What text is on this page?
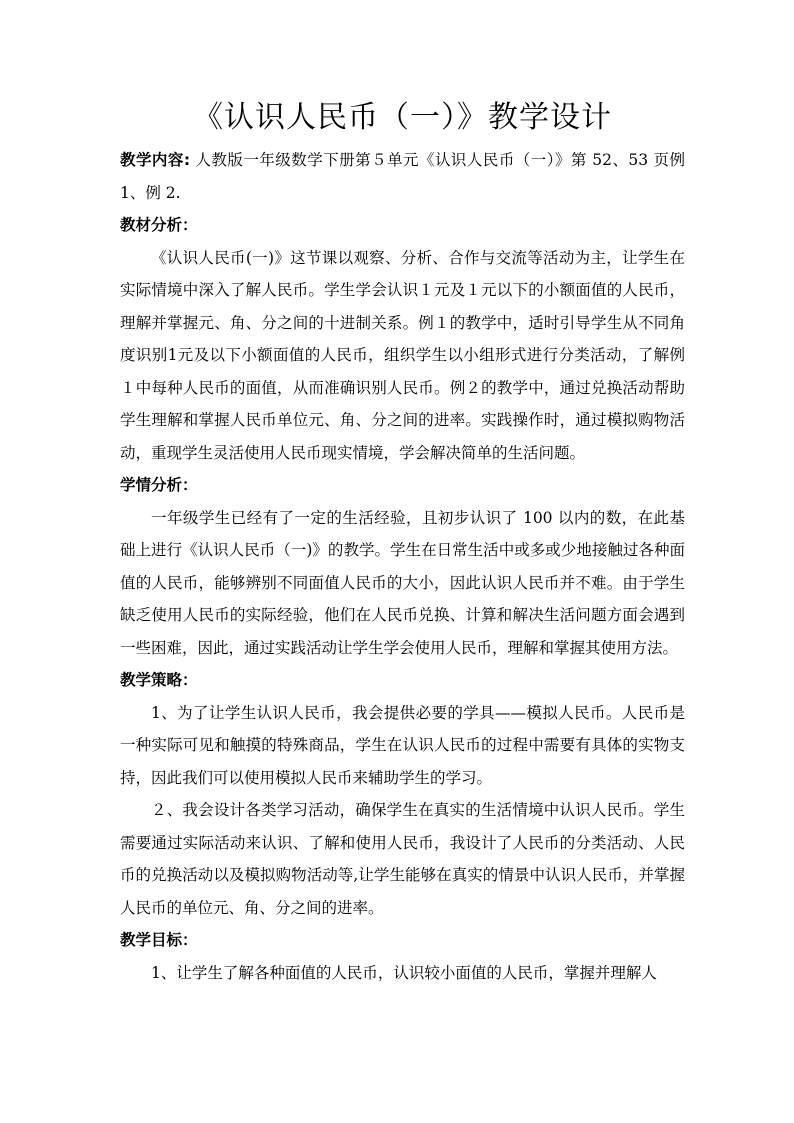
《认识人民币（一）》教学设计

教学内容: 人教版一年级数学下册第５单元《认识人民币（一）》第 52、53 页例 1、例 2.

教材分析：

《认识人民币(一)》这节课以观察、分析、合作与交流等活动为主，让学生在实际情境中深入了解人民币。学生学会认识１元及１元以下的小额面值的人民币，理解并掌握元、角、分之间的十进制关系。例１的教学中，适时引导学生从不同角度识别1元及以下小额面值的人民币，组织学生以小组形式进行分类活动，了解例１中每种人民币的面值，从而准确识别人民币。例２的教学中，通过兑换活动帮助学生理解和掌握人民币单位元、角、分之间的进率。实践操作时，通过模拟购物活动，重现学生灵活使用人民币现实情境，学会解决简单的生活问题。

学情分析：

一年级学生已经有了一定的生活经验，且初步认识了 100 以内的数，在此基础上进行《认识人民币（一)》的教学。学生在日常生活中或多或少地接触过各种面值的人民币，能够辨别不同面值人民币的大小，因此认识人民币并不难。由于学生缺乏使用人民币的实际经验，他们在人民币兑换、计算和解决生活问题方面会遇到一些困难，因此，通过实践活动让学生学会使用人民币，理解和掌握其使用方法。

教学策略：

1、为了让学生认识人民币，我会提供必要的学具——模拟人民币。人民币是一种实际可见和触摸的特殊商品，学生在认识人民币的过程中需要有具体的实物支持，因此我们可以使用模拟人民币来辅助学生的学习。

２、我会设计各类学习活动，确保学生在真实的生活情境中认识人民币。学生需要通过实际活动来认识、了解和使用人民币，我设计了人民币的分类活动、人民币的兑换活动以及模拟购物活动等,让学生能够在真实的情景中认识人民币，并掌握人民币的单位元、角、分之间的进率。

教学目标：

1、让学生了解各种面值的人民币，认识较小面值的人民币，掌握并理解人
